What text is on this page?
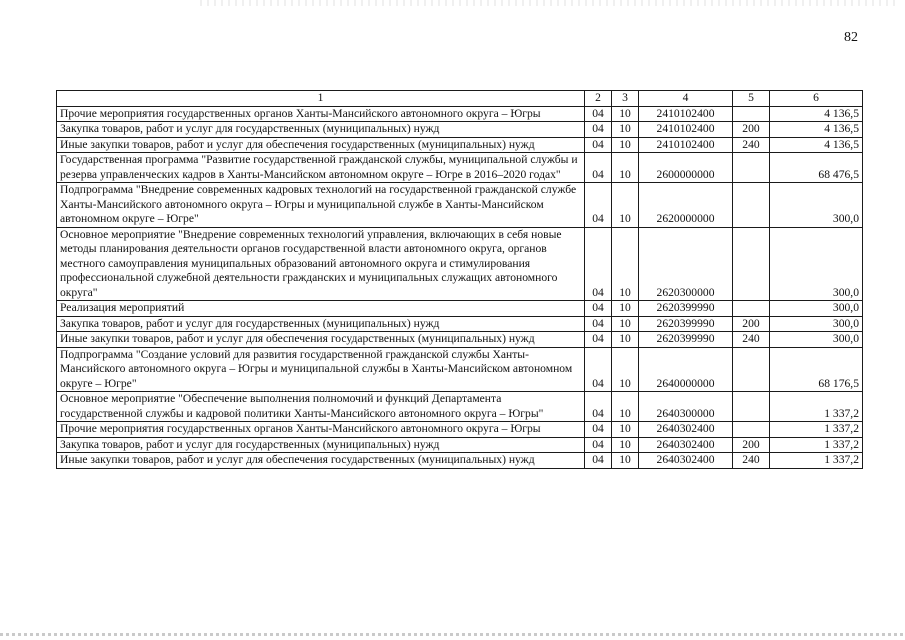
82
1	2	3	4	5	6
Прочие мероприятия государственных органов Ханты-Мансийского автономного округа – Югры	04	10	2410102400		4 136,5
Закупка товаров, работ и услуг для государственных (муниципальных) нужд	04	10	2410102400	200	4 136,5
Иные закупки товаров, работ и услуг для обеспечения государственных (муниципальных) нужд	04	10	2410102400	240	4 136,5
Государственная программа "Развитие государственной гражданской службы, муниципальной службы и резерва управленческих кадров в Ханты-Мансийском автономном округе – Югре в 2016–2020 годах"	04	10	2600000000		68 476,5
Подпрограмма "Внедрение современных кадровых технологий на государственной гражданской службе Ханты-Мансийского автономного округа – Югры и муниципальной службе в Ханты-Мансийском автономном округе – Югре"	04	10	2620000000		300,0
Основное мероприятие "Внедрение современных технологий управления, включающих в себя новые методы планирования деятельности органов государственной власти автономного округа, органов местного самоуправления муниципальных образований автономного округа и стимулирования профессиональной служебной деятельности гражданских и муниципальных служащих автономного округа"	04	10	2620300000		300,0
Реализация мероприятий	04	10	2620399990		300,0
Закупка товаров, работ и услуг для государственных (муниципальных) нужд	04	10	2620399990	200	300,0
Иные закупки товаров, работ и услуг для обеспечения государственных (муниципальных) нужд	04	10	2620399990	240	300,0
Подпрограмма "Создание условий для развития государственной гражданской службы Ханты-Мансийского автономного округа – Югры и муниципальной службы в Ханты-Мансийском автономном округе – Югре"	04	10	2640000000		68 176,5
Основное мероприятие "Обеспечение выполнения полномочий и функций Департамента государственной службы и кадровой политики Ханты-Мансийского автономного округа – Югры"	04	10	2640300000		1 337,2
Прочие мероприятия государственных органов Ханты-Мансийского автономного округа – Югры	04	10	2640302400		1 337,2
Закупка товаров, работ и услуг для государственных (муниципальных) нужд	04	10	2640302400	200	1 337,2
Иные закупки товаров, работ и услуг для обеспечения государственных (муниципальных) нужд	04	10	2640302400	240	1 337,2
